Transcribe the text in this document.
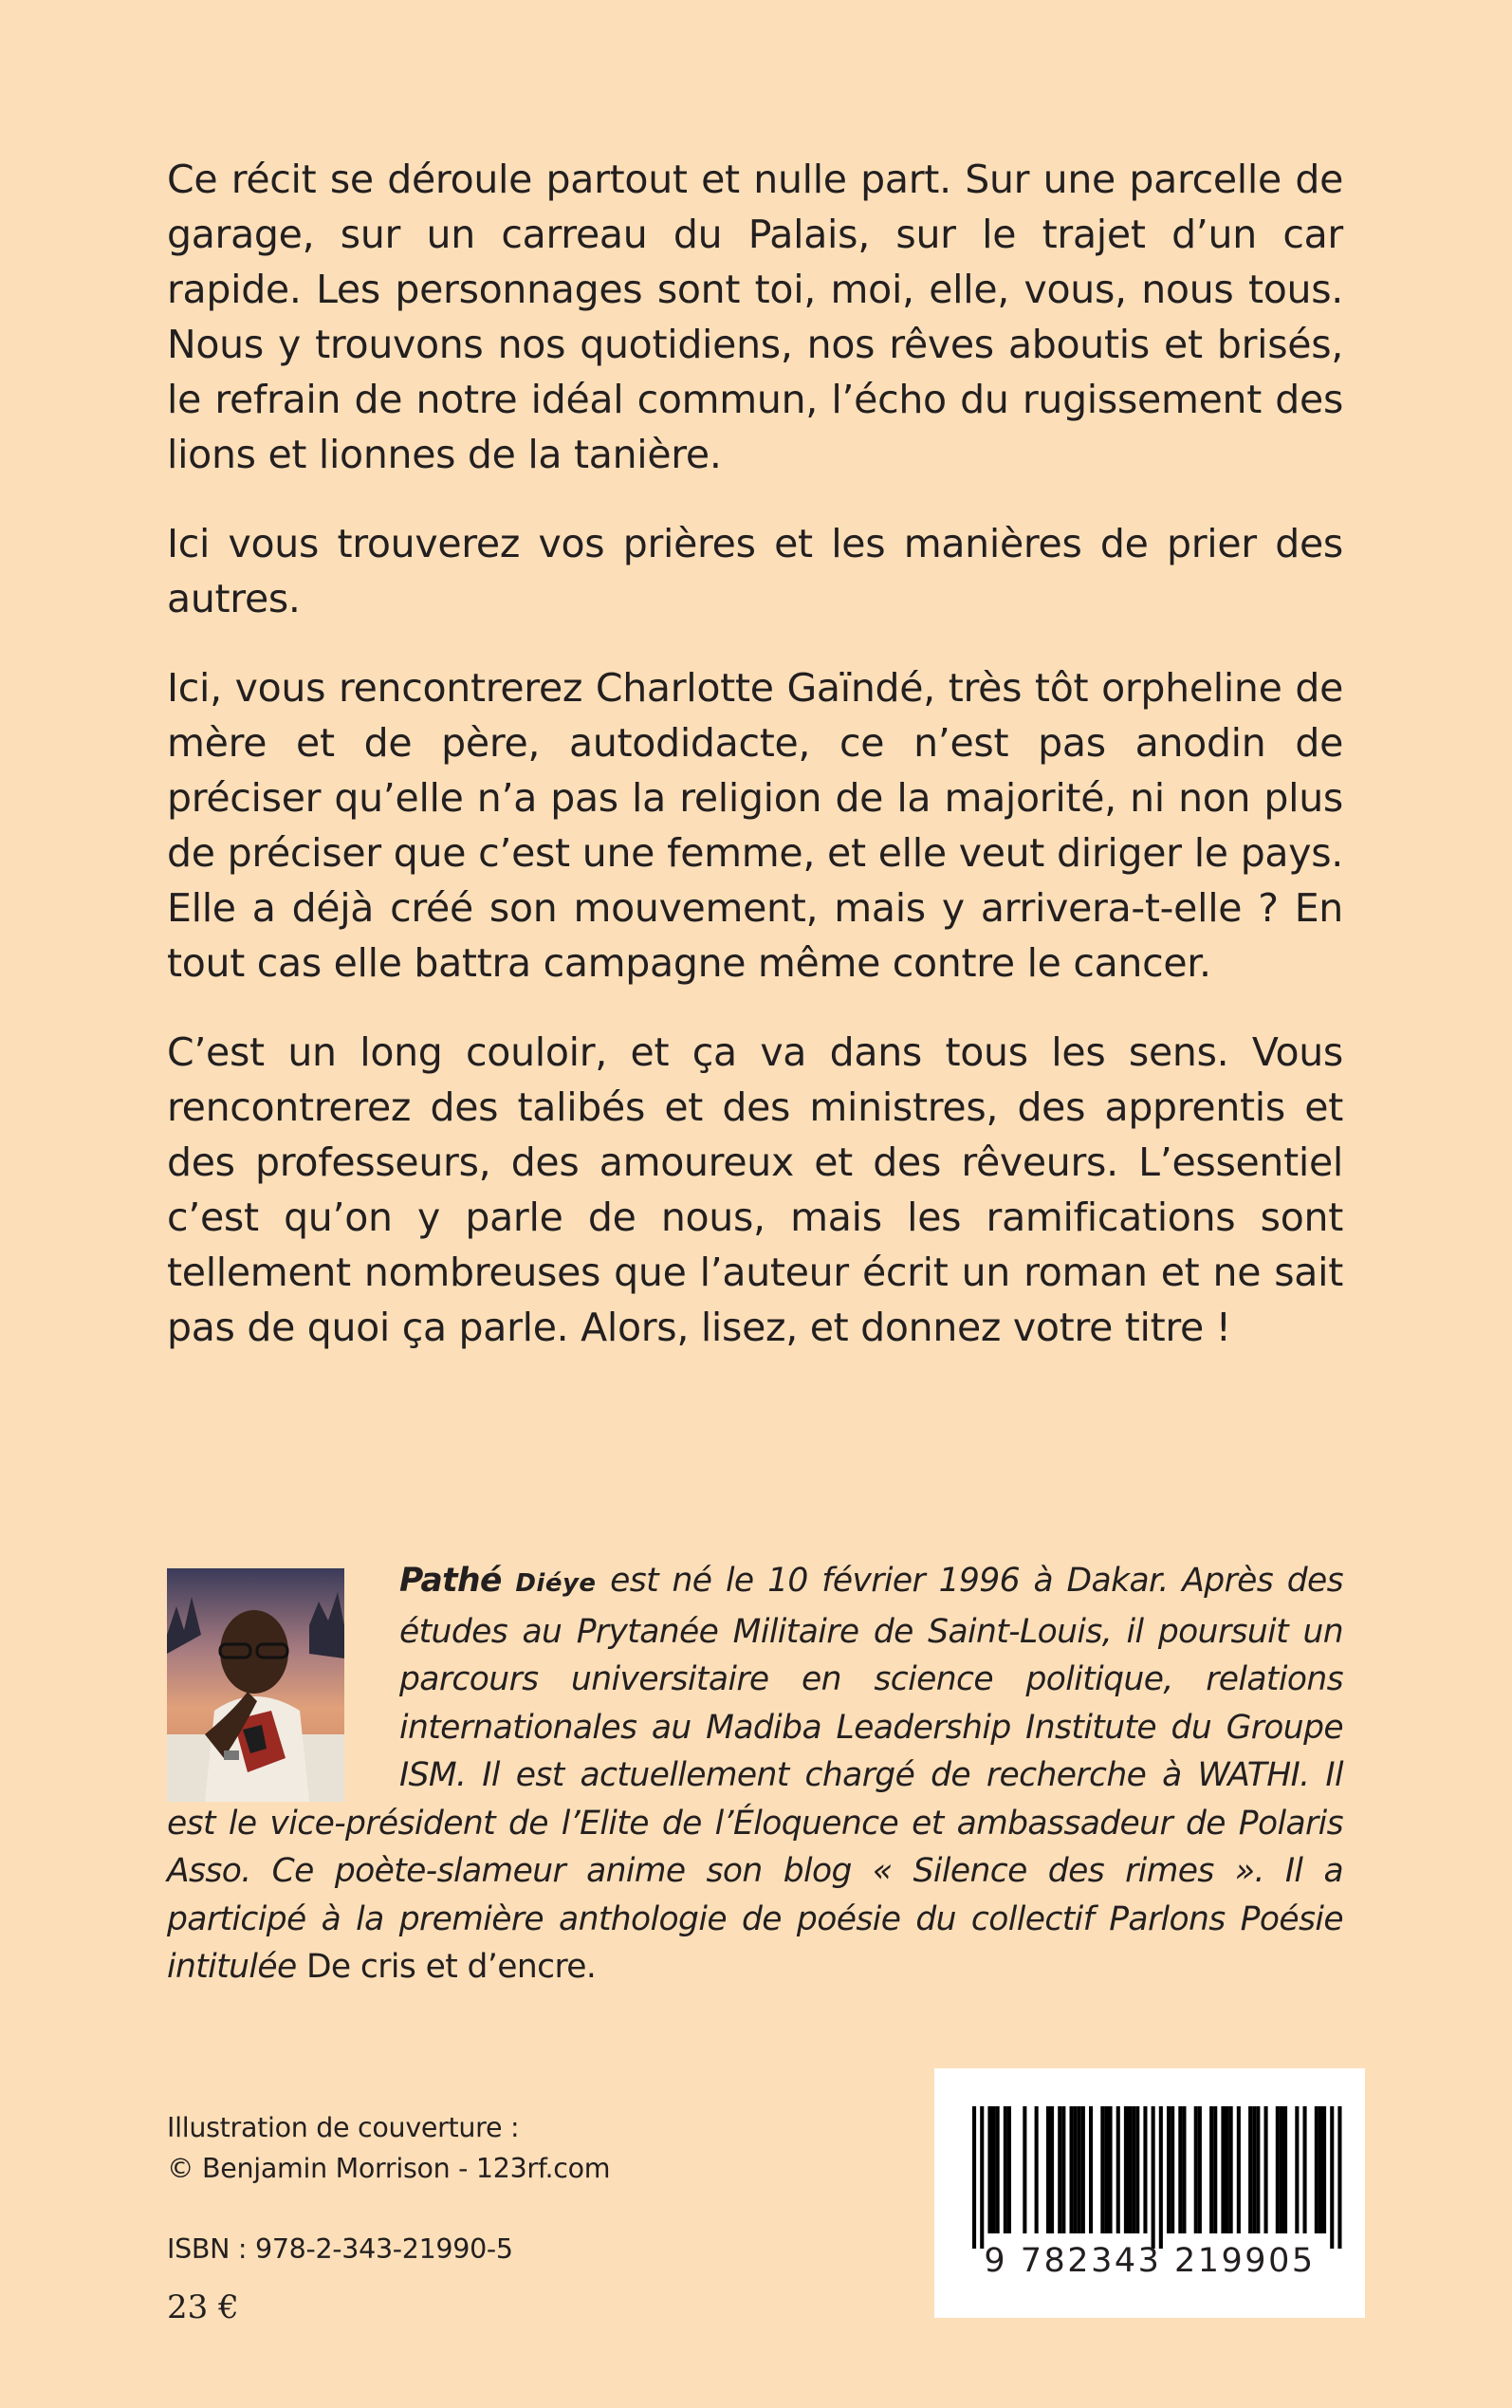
Ce récit se déroule partout et nulle part. Sur une parcelle de garage, sur un carreau du Palais, sur le trajet d’un car rapide. Les personnages sont toi, moi, elle, vous, nous tous. Nous y trouvons nos quotidiens, nos rêves aboutis et brisés, le refrain de notre idéal commun, l’écho du rugissement des lions et lionnes de la tanière.

Ici vous trouverez vos prières et les manières de prier des autres.

Ici, vous rencontrerez Charlotte Gaïndé, très tôt orpheline de mère et de père, autodidacte, ce n’est pas anodin de préciser qu’elle n’a pas la religion de la majorité, ni non plus de préciser que c’est une femme, et elle veut diriger le pays. Elle a déjà créé son mouvement, mais y arrivera-t-elle ? En tout cas elle battra campagne même contre le cancer.

C’est un long couloir, et ça va dans tous les sens. Vous rencontrerez des talibés et des ministres, des apprentis et des professeurs, des amoureux et des rêveurs. L’essentiel c’est qu’on y parle de nous, mais les ramifications sont tellement nombreuses que l’auteur écrit un roman et ne sait pas de quoi ça parle. Alors, lisez, et donnez votre titre !

Pathé Diéye est né le 10 février 1996 à Dakar. Après des études au Prytanée Militaire de Saint-Louis, il poursuit un parcours universitaire en science politique, relations internationales au Madiba Leadership Institute du Groupe ISM. Il est actuellement chargé de recherche à WATHI. Il est le vice-président de l’Elite de l’Éloquence et ambassadeur de Polaris Asso. Ce poète-slameur anime son blog « Silence des rimes ». Il a participé à la première anthologie de poésie du collectif Parlons Poésie intitulée De cris et d’encre.
Illustration de couverture :
© Benjamin Morrison - 123rf.com
ISBN : 978-2-343-21990-5
23 €
9 782343 219905
